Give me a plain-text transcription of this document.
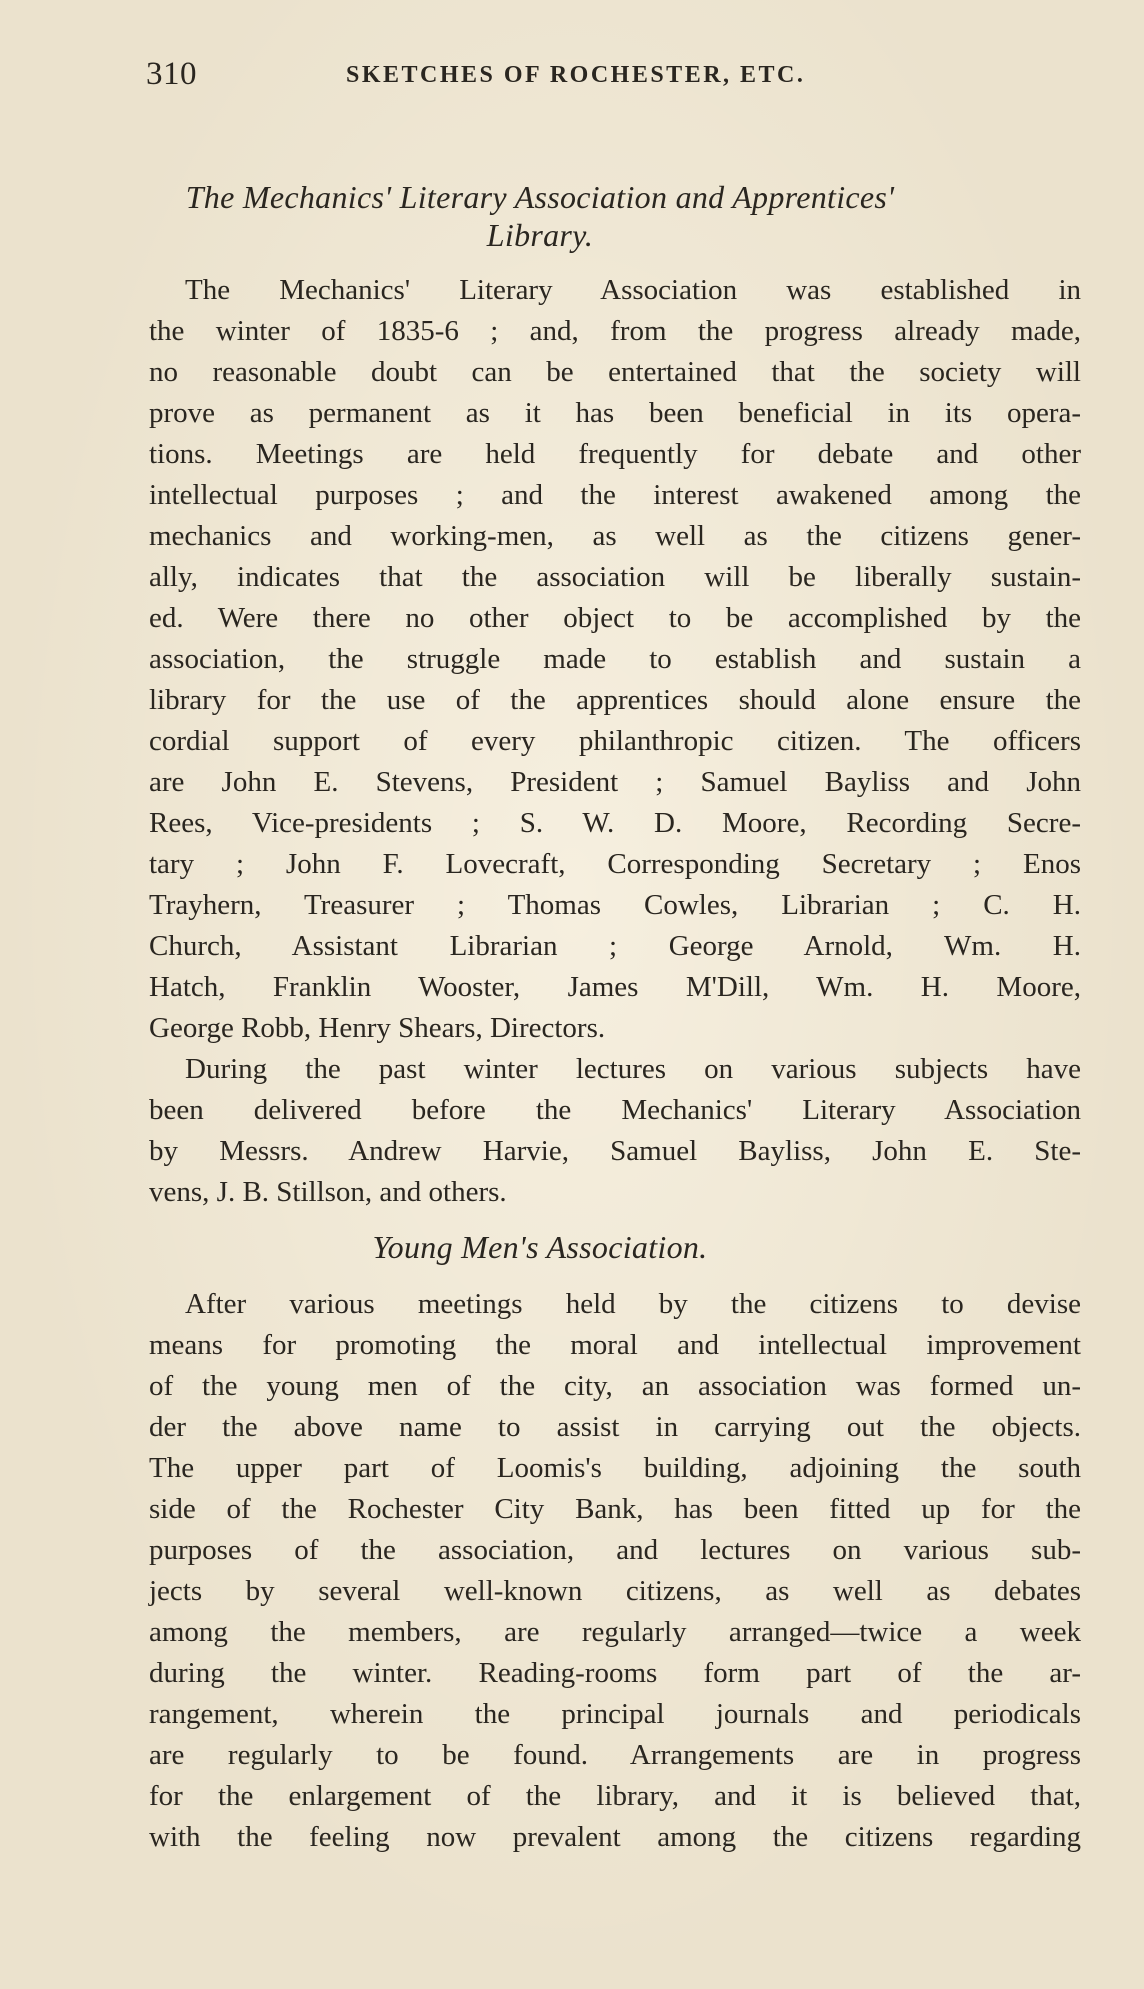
310	SKETCHES OF ROCHESTER, ETC.
The Mechanics' Literary Association and Apprentices'
Library.
The Mechanics' Literary Association was established in
the winter of 1835-6 ; and, from the progress already made,
no reasonable doubt can be entertained that the society will
prove as permanent as it has been beneficial in its opera-
tions. Meetings are held frequently for debate and other
intellectual purposes ; and the interest awakened among the
mechanics and working-men, as well as the citizens gener-
ally, indicates that the association will be liberally sustain-
ed. Were there no other object to be accomplished by the
association, the struggle made to establish and sustain a
library for the use of the apprentices should alone ensure the
cordial support of every philanthropic citizen. The officers
are John E. Stevens, President ; Samuel Bayliss and John
Rees, Vice-presidents ; S. W. D. Moore, Recording Secre-
tary ; John F. Lovecraft, Corresponding Secretary ; Enos
Trayhern, Treasurer ; Thomas Cowles, Librarian ; C. H.
Church, Assistant Librarian ; George Arnold, Wm. H.
Hatch, Franklin Wooster, James M'Dill, Wm. H. Moore,
George Robb, Henry Shears, Directors.
During the past winter lectures on various subjects have
been delivered before the Mechanics' Literary Association
by Messrs. Andrew Harvie, Samuel Bayliss, John E. Ste-
vens, J. B. Stillson, and others.
Young Men's Association.
After various meetings held by the citizens to devise
means for promoting the moral and intellectual improvement
of the young men of the city, an association was formed un-
der the above name to assist in carrying out the objects.
The upper part of Loomis's building, adjoining the south
side of the Rochester City Bank, has been fitted up for the
purposes of the association, and lectures on various sub-
jects by several well-known citizens, as well as debates
among the members, are regularly arranged—twice a week
during the winter. Reading-rooms form part of the ar-
rangement, wherein the principal journals and periodicals
are regularly to be found. Arrangements are in progress
for the enlargement of the library, and it is believed that,
with the feeling now prevalent among the citizens regarding
